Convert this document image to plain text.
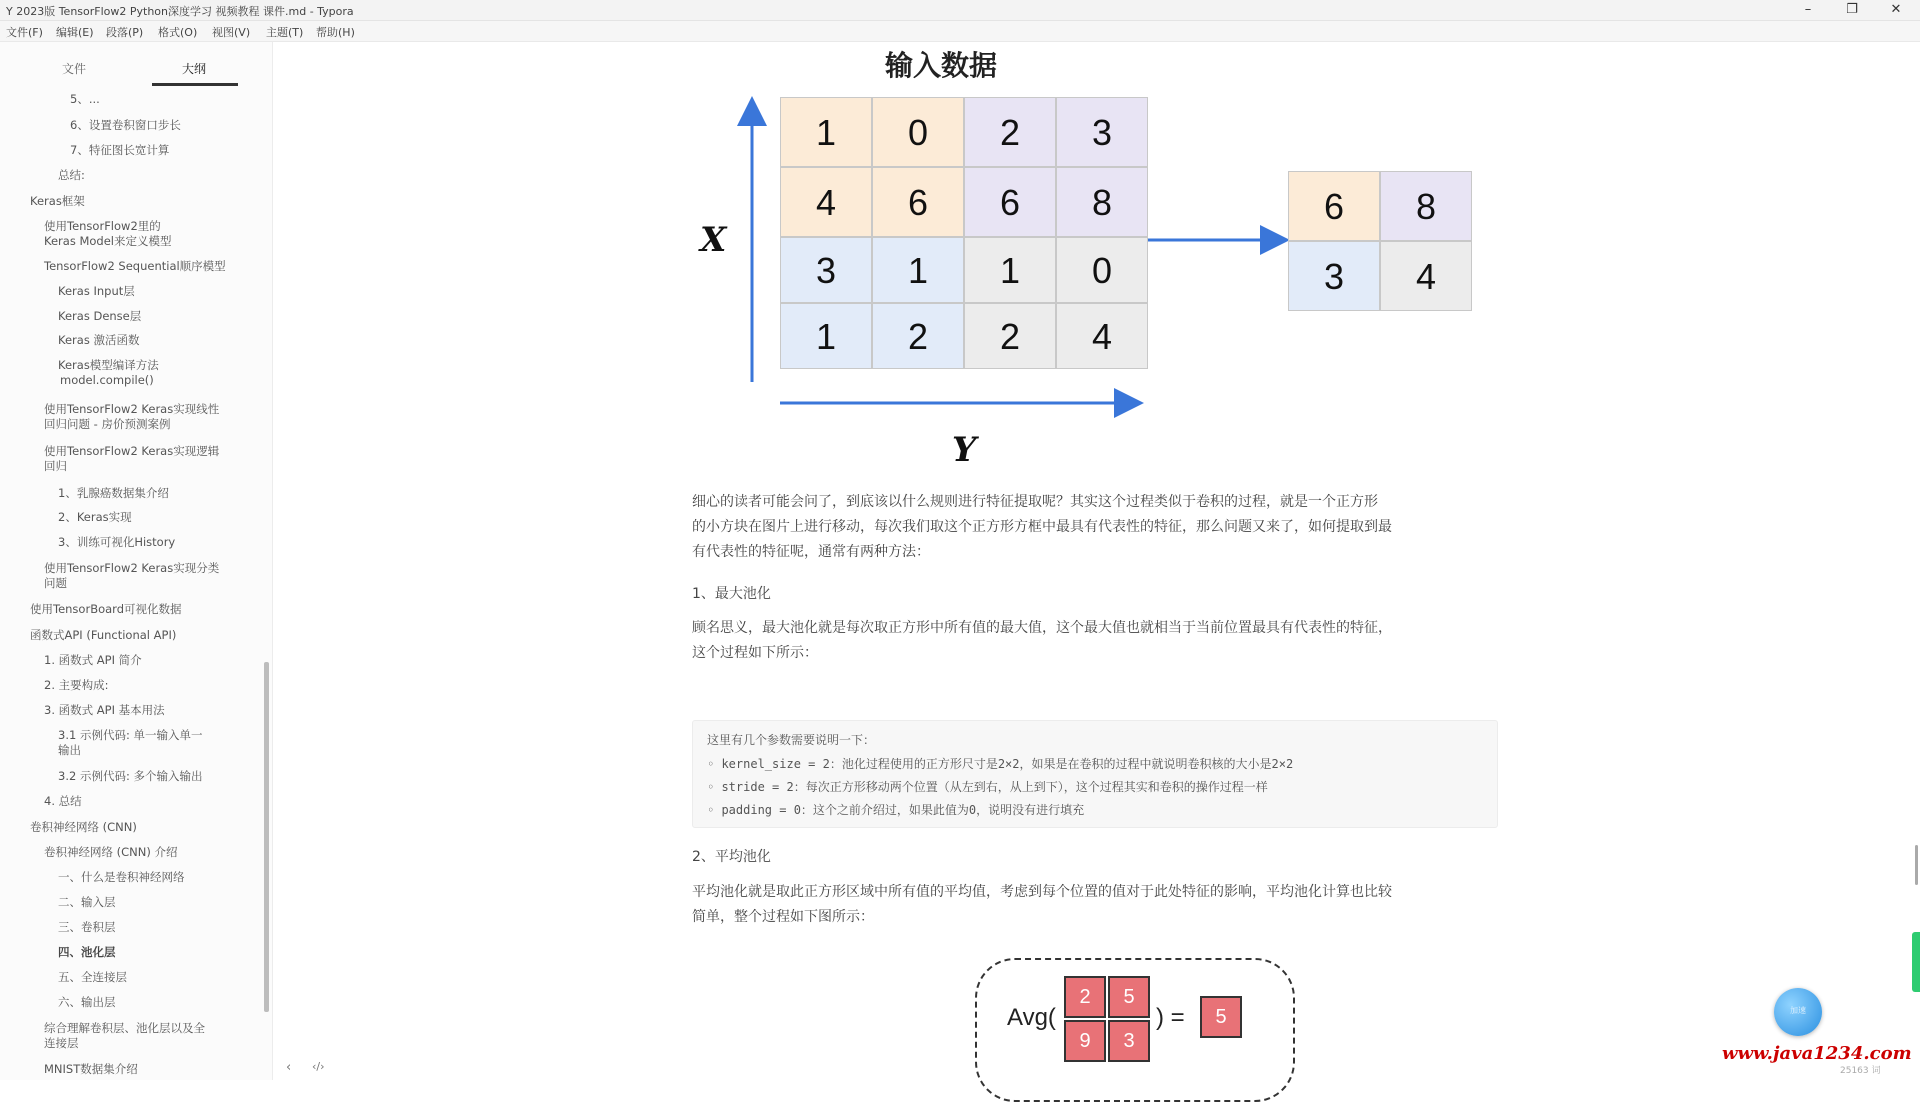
Y 2023版 TensorFlow2 Python深度学习 视频教程 课件.md - Typora	–	❐	✕
文件(F) 编辑(E) 段落(P) 格式(O) 视图(V) 主题(T) 帮助(H)
文件	大纲
5、...
6、设置卷积窗口步长
7、特征图长宽计算
总结:
Keras框架
使用TensorFlow2里的
Keras Model来定义模型
TensorFlow2 Sequential顺序模型
Keras Input层
Keras Dense层
Keras 激活函数
Keras模型编译方法
model.compile()
使用TensorFlow2 Keras实现线性
回归问题 - 房价预测案例
使用TensorFlow2 Keras实现逻辑
回归
1、乳腺癌数据集介绍
2、Keras实现
3、训练可视化History
使用TensorFlow2 Keras实现分类
问题
使用TensorBoard可视化数据
函数式API (Functional API)
1. 函数式 API 简介
2. 主要构成:
3. 函数式 API 基本用法
3.1 示例代码: 单一输入单一
输出
3.2 示例代码: 多个输入输出
4. 总结
卷积神经网络 (CNN)
卷积神经网络 (CNN) 介绍
一、什么是卷积神经网络
二、输入层
三、卷积层
四、池化层
五、全连接层
六、输出层
综合理解卷积层、池化层以及全
连接层
MNIST数据集介绍	‹ ‹/›
输入数据
X
Y
1	0	2	3
4	6	6	8
3	1	1	0
1	2	2	4
6	8
3	4
细心的读者可能会问了，到底该以什么规则进行特征提取呢？其实这个过程类似于卷积的过程，就是一个正方形
的小方块在图片上进行移动，每次我们取这个正方形方框中最具有代表性的特征，那么问题又来了，如何提取到最
有代表性的特征呢，通常有两种方法：
1、最大池化
顾名思义，最大池化就是每次取正方形中所有值的最大值，这个最大值也就相当于当前位置最具有代表性的特征，
这个过程如下所示：
这里有几个参数需要说明一下：
◦ kernel_size = 2：池化过程使用的正方形尺寸是2×2，如果是在卷积的过程中就说明卷积核的大小是2×2
◦ stride = 2：每次正方形移动两个位置（从左到右，从上到下），这个过程其实和卷积的操作过程一样
◦ padding = 0：这个之前介绍过，如果此值为0，说明没有进行填充
2、平均池化
平均池化就是取此正方形区域中所有值的平均值，考虑到每个位置的值对于此处特征的影响，平均池化计算也比较
简单，整个过程如下图所示：
Avg(
2	5
9	3
) =	5	加速
www.java1234.com
25163 词
